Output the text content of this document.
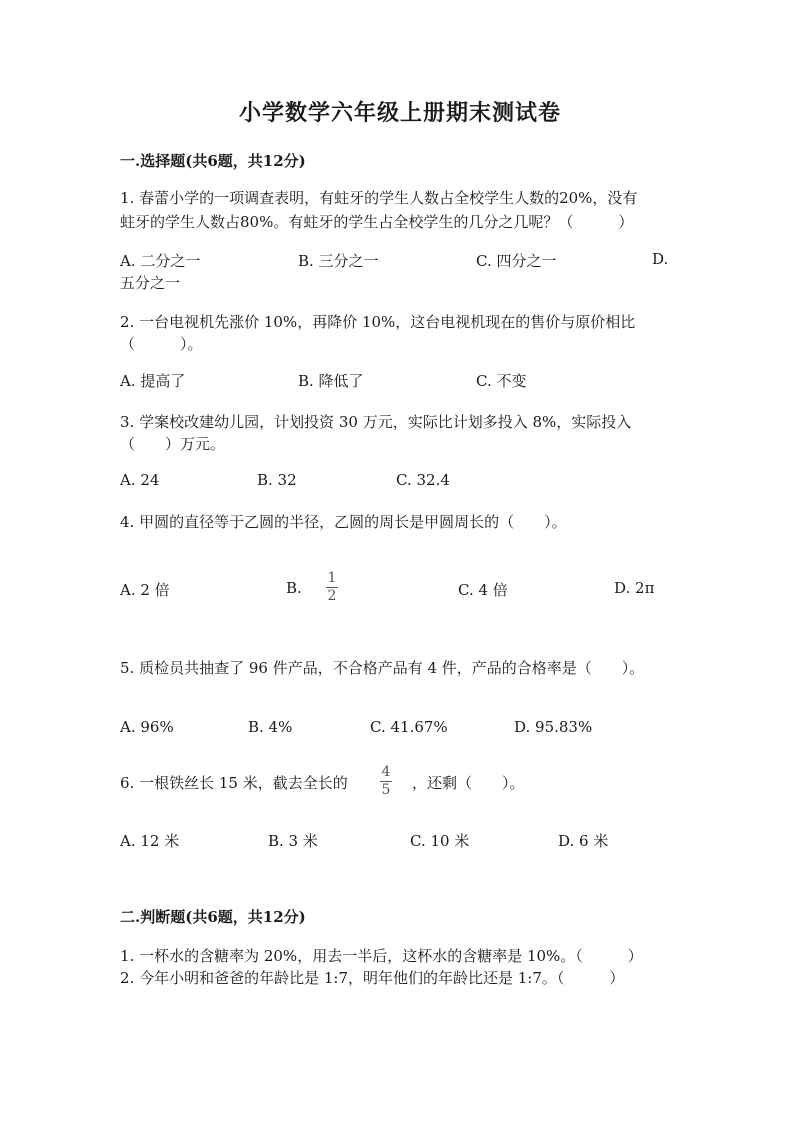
小学数学六年级上册期末测试卷
一.选择题(共6题，共12分)
1. 春蕾小学的一项调查表明，有蛀牙的学生人数占全校学生人数的20%，没有
蛀牙的学生人数占80%。有蛀牙的学生占全校学生的几分之几呢？（　　　）
A. 二分之一	B. 三分之一	C. 四分之一	D.
五分之一
2. 一台电视机先涨价 10%，再降价 10%，这台电视机现在的售价与原价相比
（　　　）。
A. 提高了	B. 降低了	C. 不变
3. 学案校改建幼儿园，计划投资 30 万元，实际比计划多投入 8%，实际投入
（　　）万元。
A. 24	B. 32	C. 32.4
4. 甲圆的直径等于乙圆的半径，乙圆的周长是甲圆周长的（　　）。
A. 2 倍	B.
1
2	C. 4 倍	D. 2π
5. 质检员共抽查了 96 件产品，不合格产品有 4 件，产品的合格率是（　　）。
A. 96%	B. 4%	C. 41.67%	D. 95.83%
6. 一根铁丝长 15 米，截去全长的
4
5 ，还剩（　　）。
A. 12 米	B. 3 米	C. 10 米	D. 6 米
二.判断题(共6题，共12分)
1. 一杯水的含糖率为 20%，用去一半后，这杯水的含糖率是 10%。（　　　）
2. 今年小明和爸爸的年龄比是 1:7，明年他们的年龄比还是 1:7。（　　　）
